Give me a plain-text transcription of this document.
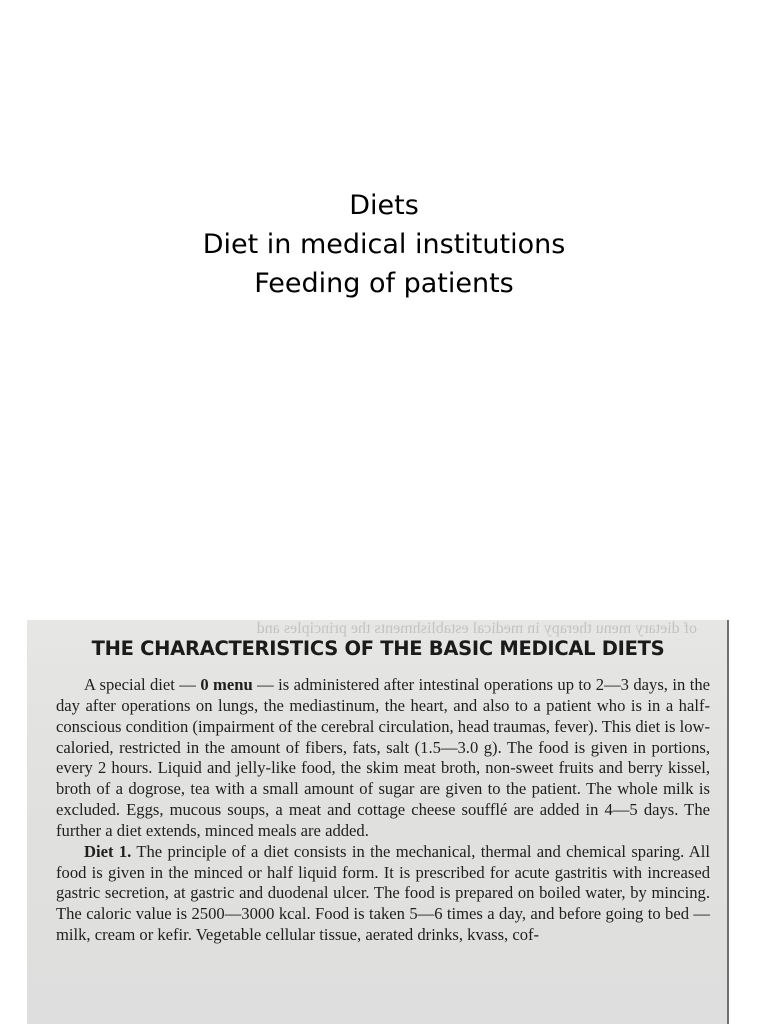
Diets
Diet in medical institutions
Feeding of patients
of dietary menu therapy in medical establishments the principles and
THE CHARACTERISTICS OF THE BASIC MEDICAL DIETS

A special diet — 0 menu — is administered after intestinal operations up to 2—3 days, in the day after operations on lungs, the mediastinum, the heart, and also to a patient who is in a half-conscious condition (impairment of the cerebral circulation, head traumas, fever). This diet is low-caloried, restricted in the amount of fibers, fats, salt (1.5—3.0 g). The food is given in portions, every 2 hours. Liquid and jelly-like food, the skim meat broth, non-sweet fruits and berry kissel, broth of a dogrose, tea with a small amount of sugar are given to the patient. The whole milk is excluded. Eggs, mucous soups, a meat and cottage cheese soufflé are added in 4—5 days. The further a diet extends, minced meals are added.

Diet 1. The principle of a diet consists in the mechanical, thermal and chemical sparing. All food is given in the minced or half liquid form. It is prescribed for acute gastritis with increased gastric secretion, at gastric and duodenal ulcer. The food is prepared on boiled water, by mincing. The caloric value is 2500—3000 kcal. Food is taken 5—6 times a day, and before going to bed — milk, cream or kefir. Vegetable cellular tissue, aerated drinks, kvass, cof-
